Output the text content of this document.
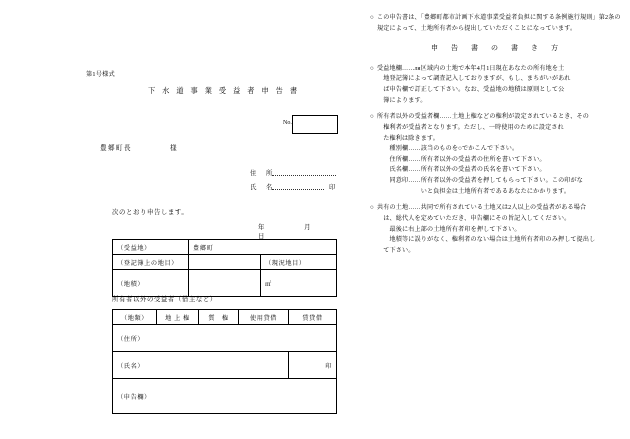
第1号様式
下 水 道 事 業 受 益 者 申 告 書
No.
豊郷町長	様
住　所
氏　名	印
次のとおり申告します。
年　　月　　日
（受益地）	豊郷町	
（登記簿上の地目）		（現況地目）
（地積）		㎡
所有者以外の受益者（借主など）
（地類）	地 上 権	質　権	使用貸借	賃貸借
（住所）				
（氏名）				印
（申告欄）				
○ この申告書は、「豊郷町都市計画下水道事業受益者負担に関する条例施行規則」第2条の規定によって、土地所有者から提出していただくことになっています。

申　告　書　の　書　き　方
○ 受益地欄……ля区域内の土地で本年4月1日現在あなたの所有地を土

　地登記簿によって調査記入しておりますが、もし、まちがいがあれ

　ば申告欄で訂正して下さい。なお、受益地の地積は原則として公

　簿によります。

○ 所有者以外の受益者欄……土地上権などの権利が設定されているとき、その

　権利者が受益者となります。ただし、一時使用のために設定され

　た権利は除きます。

　　種別欄……該当のものを○でかこんで下さい。

　　住所欄……所有者以外の受益者の住所を書いて下さい。

　　氏名欄……所有者以外の受益者の氏名を書いて下さい。

　　同意印……所有者以外の受益者を押してもらって下さい。この印がな

　　　　　　　いと負担金は土地所有者であるあなたにかかります。

○ 共有の土地……共同で所有されている土地又は2人以上の受益者がある場合

　は、総代人を定めていただき、申告欄にその旨記入してください。

　　最後に右上部の土地所有者印を押して下さい。

　　地積等に誤りがなく、権利者のない場合は土地所有者印のみ押して提出し

　て下さい。
